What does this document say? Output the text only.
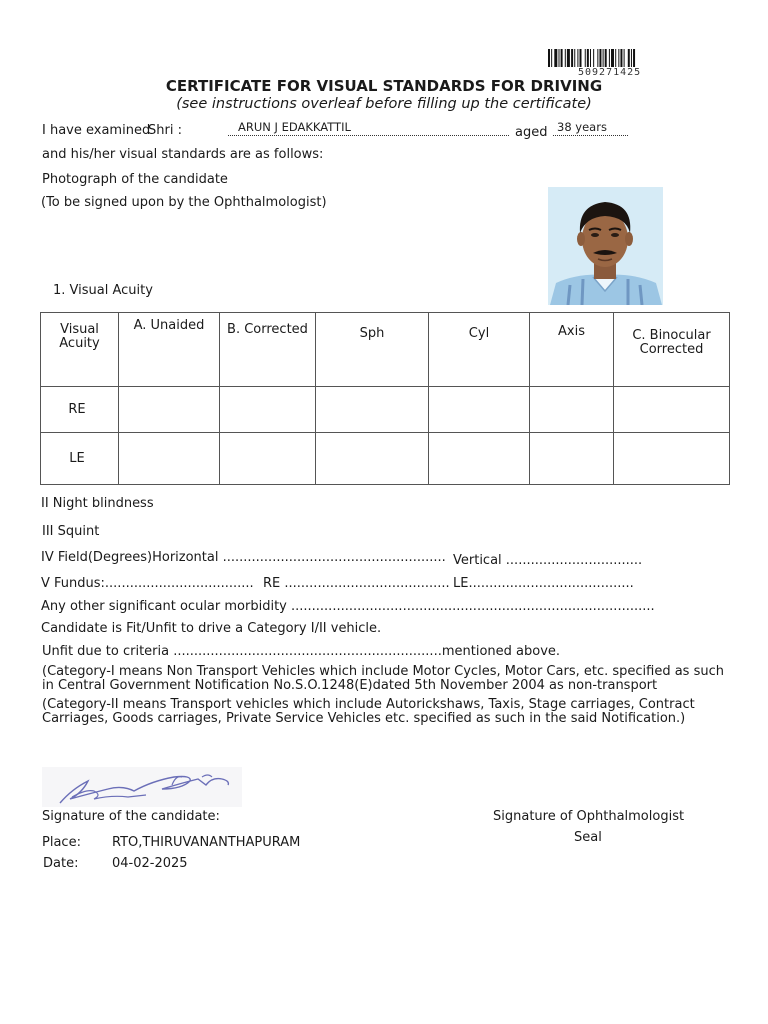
509271425
CERTIFICATE FOR VISUAL STANDARDS FOR DRIVING
(see instructions overleaf before filling up the certificate)
I have examined
Shri :	ARUN J EDAKKATTIL	aged 38 years
and his/her visual standards are as follows:
Photograph of the candidate
(To be signed upon by the Ophthalmologist)
1. Visual Acuity
Visual Acuity	A. Unaided	B. Corrected	Sph	Cyl	Axis	C. Binocular Corrected
RE						
LE						
II Night blindness
III Squint
IV Field(Degrees)Horizontal ...................................................... Vertical .................................
V Fundus:.................................... RE ........................................ LE........................................
Any other significant ocular morbidity ........................................................................................
Candidate is Fit/Unfit to drive a Category I/II vehicle.
Unfit due to criteria .................................................................mentioned above.
(Category-I means Non Transport Vehicles which include Motor Cycles, Motor Cars, etc. specified as such
in Central Government Notification No.S.O.1248(E)dated 5th November 2004 as non-transport
(Category-II means Transport vehicles which include Autorickshaws, Taxis, Stage carriages, Contract
Carriages, Goods carriages, Private Service Vehicles etc. specified as such in the said Notification.)
Signature of the candidate:	Signature of Ophthalmologist
Seal
Place: RTO,THIRUVANANTHAPURAM
Date:	04-02-2025
